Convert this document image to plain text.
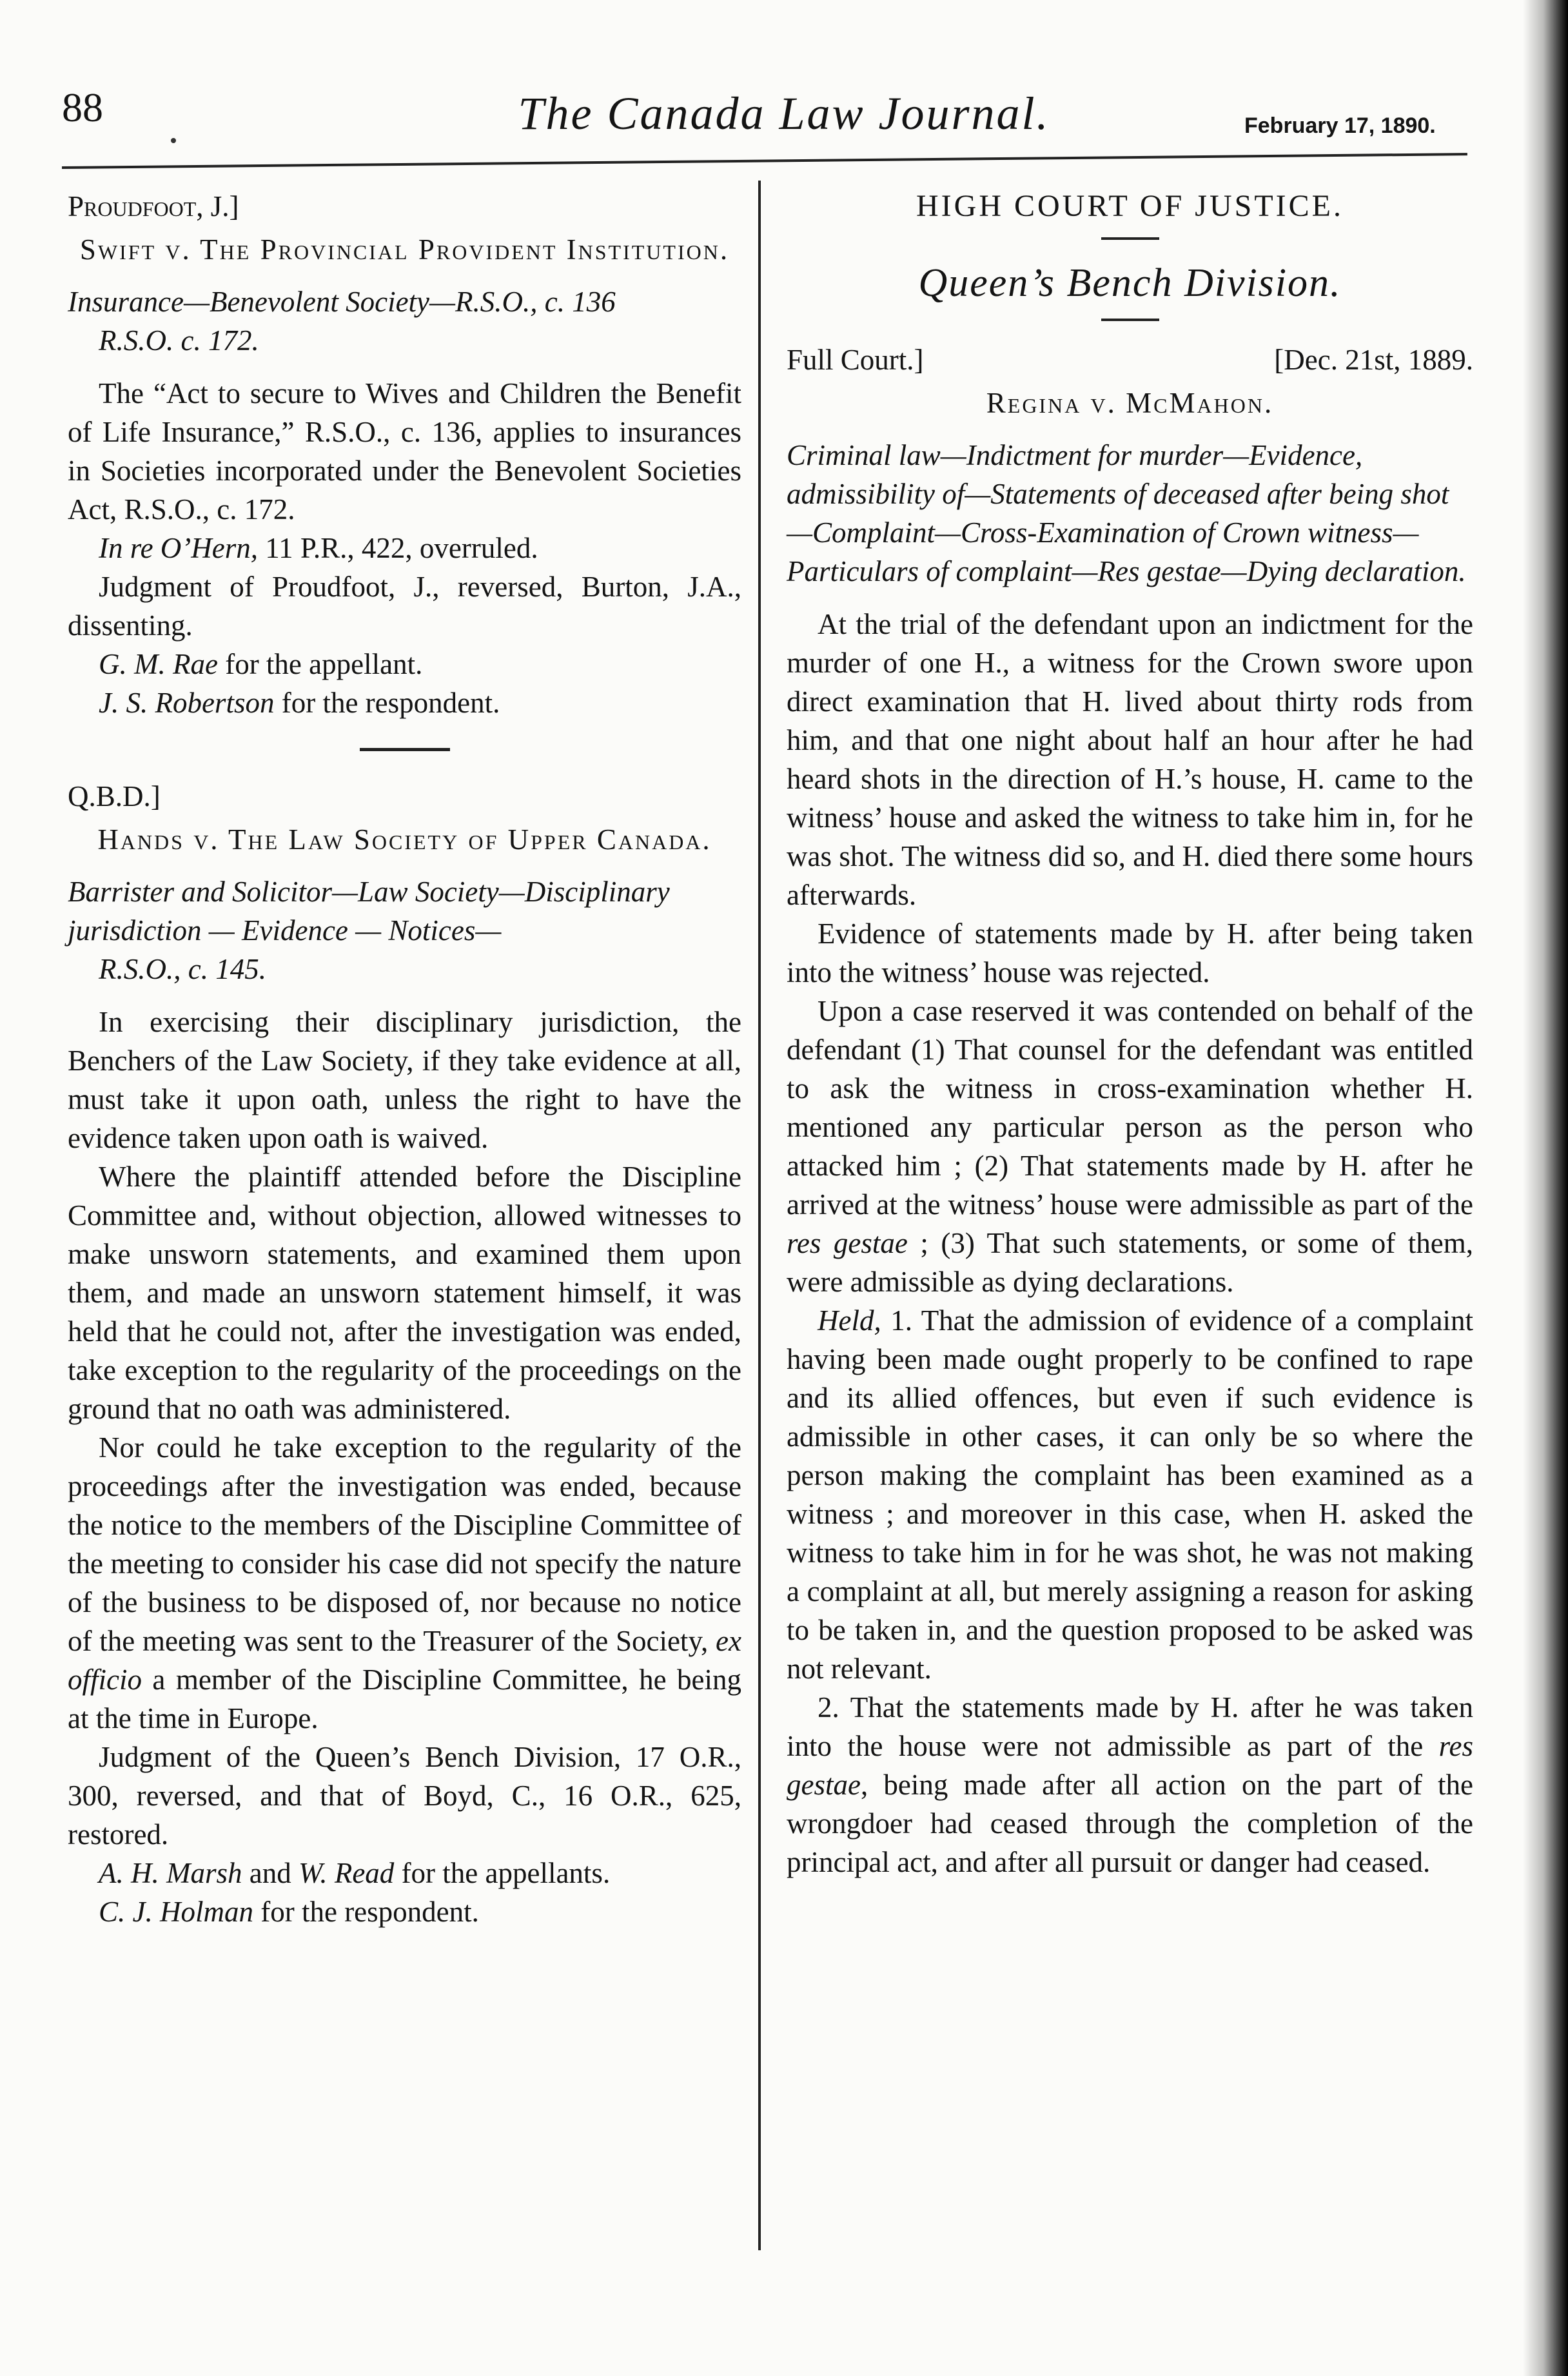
88	The Canada Law Journal.	February 17, 1890.

Proudfoot, J.]

Swift v. The Provincial Provident Institution.

Insurance—Benevolent Society—R.S.O., c. 136
R.S.O. c. 172.

The “Act to secure to Wives and Children the Benefit of Life Insurance,” R.S.O., c. 136, applies to insurances in Societies incorporated under the Benevolent Societies Act, R.S.O., c. 172.

In re O’Hern, 11 P.R., 422, overruled.

Judgment of Proudfoot, J., reversed, Burton, J.A., dissenting.

G. M. Rae for the appellant.

J. S. Robertson for the respondent.

Q.B.D.]

Hands v. The Law Society of Upper Canada.

Barrister and Solicitor—Law Society—Disciplinary jurisdiction — Evidence — Notices—
R.S.O., c. 145.

In exercising their disciplinary jurisdiction, the Benchers of the Law Society, if they take evidence at all, must take it upon oath, unless the right to have the evidence taken upon oath is waived.

Where the plaintiff attended before the Discipline Committee and, without objection, allowed witnesses to make unsworn statements, and examined them upon them, and made an unsworn statement himself, it was held that he could not, after the investigation was ended, take exception to the regularity of the proceedings on the ground that no oath was administered.

Nor could he take exception to the regularity of the proceedings after the investigation was ended, because the notice to the members of the Discipline Committee of the meeting to consider his case did not specify the nature of the business to be disposed of, nor because no notice of the meeting was sent to the Treasurer of the Society, ex officio a member of the Discipline Committee, he being at the time in Europe.

Judgment of the Queen’s Bench Division, 17 O.R., 300, reversed, and that of Boyd, C., 16 O.R., 625, restored.

A. H. Marsh and W. Read for the appellants.

C. J. Holman for the respondent.

HIGH COURT OF JUSTICE.

Queen’s Bench Division.

Full Court.]	[Dec. 21st, 1889.

Regina v. McMahon.

Criminal law—Indictment for murder—Evidence, admissibility of—Statements of deceased after being shot—Complaint—Cross-Examination of Crown witness—Particulars of complaint—Res gestae—Dying declaration.

At the trial of the defendant upon an indictment for the murder of one H., a witness for the Crown swore upon direct examination that H. lived about thirty rods from him, and that one night about half an hour after he had heard shots in the direction of H.’s house, H. came to the witness’ house and asked the witness to take him in, for he was shot. The witness did so, and H. died there some hours afterwards.

Evidence of statements made by H. after being taken into the witness’ house was rejected.

Upon a case reserved it was contended on behalf of the defendant (1) That counsel for the defendant was entitled to ask the witness in cross-examination whether H. mentioned any particular person as the person who attacked him ; (2) That statements made by H. after he arrived at the witness’ house were admissible as part of the res gestae ; (3) That such statements, or some of them, were admissible as dying declarations.

Held, 1. That the admission of evidence of a complaint having been made ought properly to be confined to rape and its allied offences, but even if such evidence is admissible in other cases, it can only be so where the person making the complaint has been examined as a witness ; and moreover in this case, when H. asked the witness to take him in for he was shot, he was not making a complaint at all, but merely assigning a reason for asking to be taken in, and the question proposed to be asked was not relevant.

2. That the statements made by H. after he was taken into the house were not admissible as part of the res gestae, being made after all action on the part of the wrongdoer had ceased through the completion of the principal act, and after all pursuit or danger had ceased.
